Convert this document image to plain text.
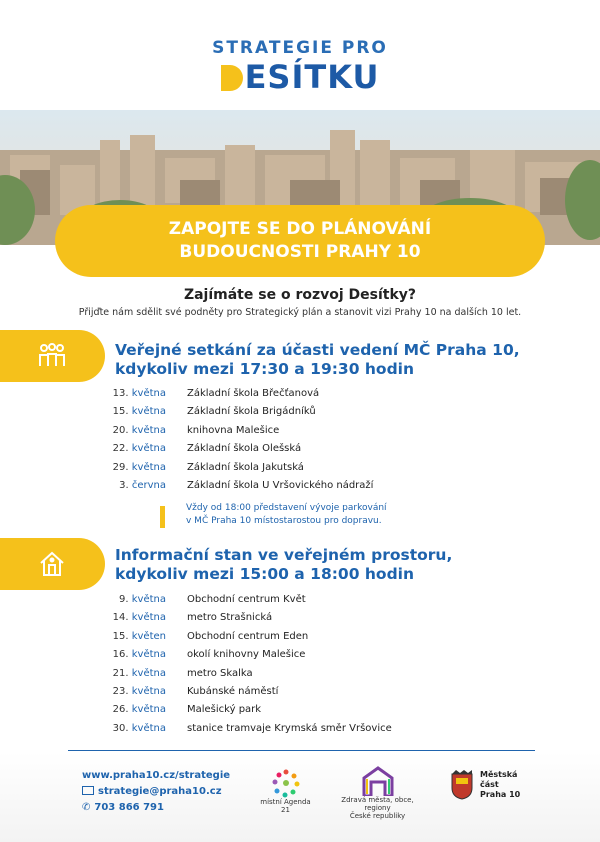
STRATEGIE PRO
ESÍTKU
ZAPOJTE SE DO PLÁNOVÁNÍ
BUDOUCNOSTI PRAHY 10
Zajímáte se o rozvoj Desítky?
Přijďte nám sdělit své podněty pro Strategický plán a stanovit vizi Prahy 10 na dalších 10 let.
Veřejné setkání za účasti vedení MČ Praha 10,
kdykoliv mezi 17:30 a 19:30 hodin
13. května Základní škola Břečťanová
15. května Základní škola Brigádníků
20. května knihovna Malešice
22. května Základní škola Olešská
29. května Základní škola Jakutská
3. června Základní škola U Vršovického nádraží
Vždy od 18:00 představení vývoje parkování
v MČ Praha 10 místostarostou pro dopravu.
Informační stan ve veřejném prostoru,
kdykoliv mezi 15:00 a 18:00 hodin
9. května Obchodní centrum Květ
14. května metro Strašnická
15. květen Obchodní centrum Eden
16. května okolí knihovny Malešice
21. května metro Skalka
23. května Kubánské náměstí
26. května Malešický park
30. května stanice tramvaje Krymská směr Vršovice
www.praha10.cz/strategie
strategie@praha10.cz
✆ 703 866 791	místní Agenda 21
Zdravá města, obce, regiony
České republiky
Městská
část
Praha 10
